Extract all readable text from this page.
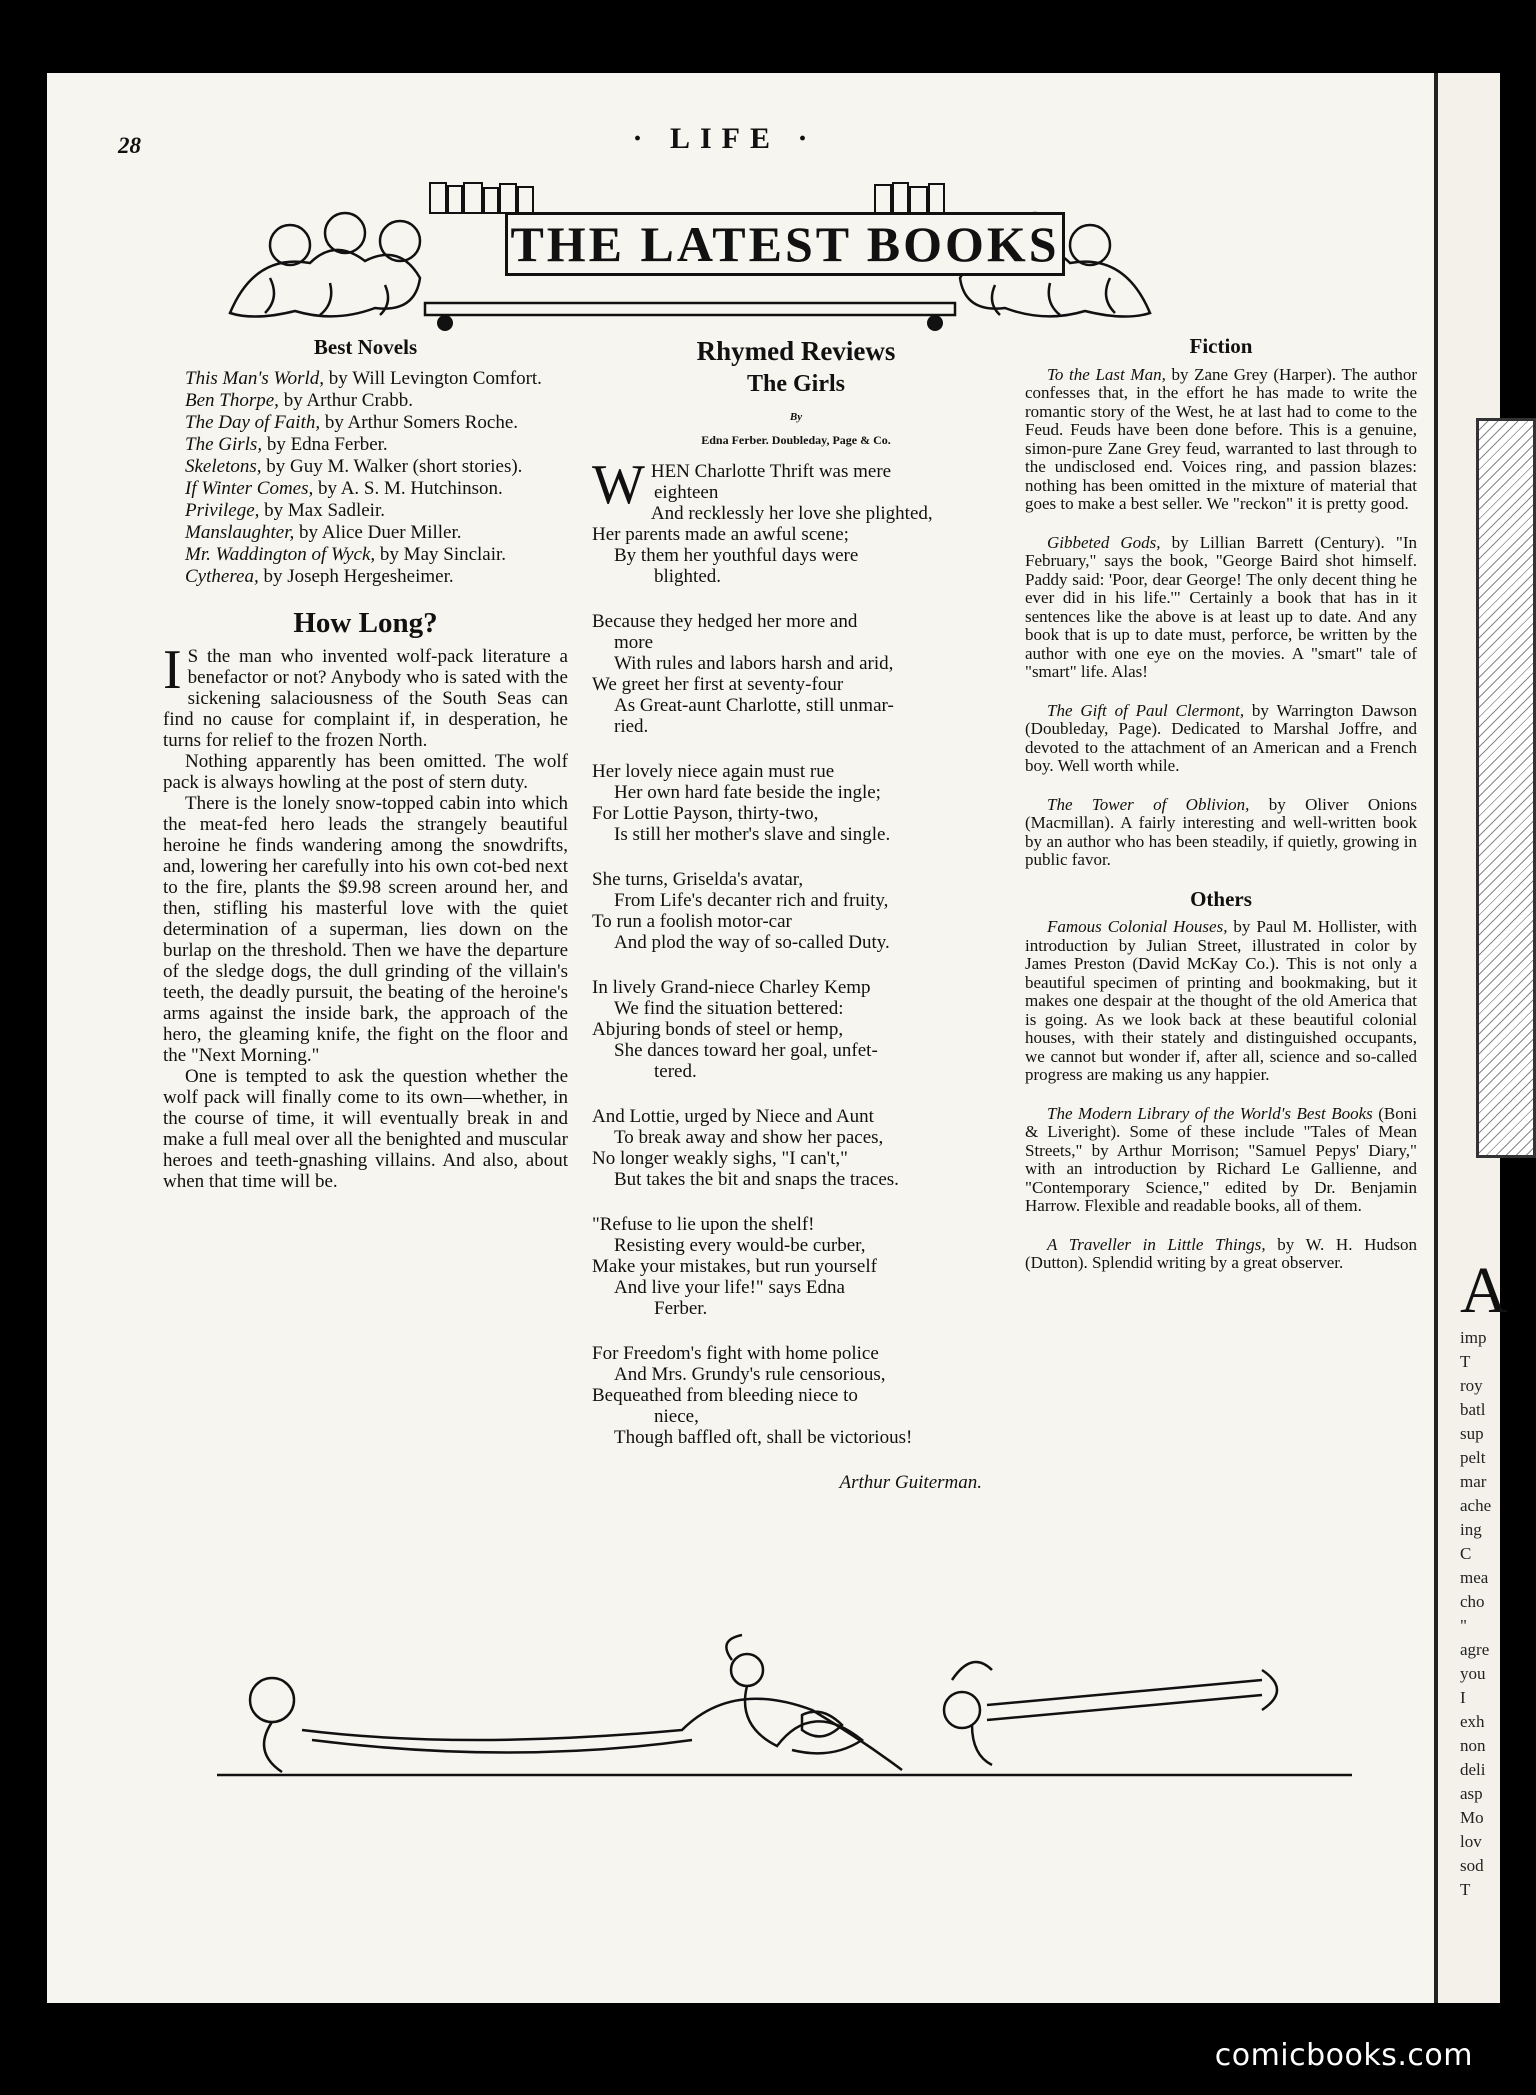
A
imp
T
roy
batl
sup
pelt
mar
ache
ing
C
mea
cho
"
agre
you
I
exh
non
deli
asp
Mo
lov
sod
T
28	· LIFE ·
THE LATEST BOOKS
Best Novels
This Man's World, by Will Levington Comfort.
Ben Thorpe, by Arthur Crabb.
The Day of Faith, by Arthur Somers Roche.
The Girls, by Edna Ferber.
Skeletons, by Guy M. Walker (short stories).
If Winter Comes, by A. S. M. Hutchinson.
Privilege, by Max Sadleir.
Manslaughter, by Alice Duer Miller.
Mr. Waddington of Wyck, by May Sinclair.
Cytherea, by Joseph Hergesheimer.
How Long?
I S the man who invented wolf-pack literature a benefactor or not? Anybody who is sated with the sickening salaciousness of the South Seas can find no cause for complaint if, in desperation, he turns for relief to the frozen North.
Nothing apparently has been omitted. The wolf pack is always howling at the post of stern duty.
There is the lonely snow-topped cabin into which the meat-fed hero leads the strangely beautiful heroine he finds wandering among the snowdrifts, and, lowering her carefully into his own cot-bed next to the fire, plants the $9.98 screen around her, and then, stifling his masterful love with the quiet determination of a superman, lies down on the burlap on the threshold. Then we have the departure of the sledge dogs, the dull grinding of the villain's teeth, the deadly pursuit, the beating of the heroine's arms against the inside bark, the approach of the hero, the gleaming knife, the fight on the floor and the "Next Morning."
One is tempted to ask the question whether the wolf pack will finally come to its own—whether, in the course of time, it will eventually break in and make a full meal over all the benighted and muscular heroes and teeth-gnashing villains. And also, about when that time will be.
Rhymed Reviews
The Girls
By
Edna Ferber. Doubleday, Page & Co.
WHEN Charlotte Thrift was mere
eighteen
And recklessly her love she plighted,
Her parents made an awful scene;
By them her youthful days were
blighted.
Because they hedged her more and
more
With rules and labors harsh and arid,
We greet her first at seventy-four
As Great-aunt Charlotte, still unmar-
ried.
Her lovely niece again must rue
Her own hard fate beside the ingle;
For Lottie Payson, thirty-two,
Is still her mother's slave and single.
She turns, Griselda's avatar,
From Life's decanter rich and fruity,
To run a foolish motor-car
And plod the way of so-called Duty.
In lively Grand-niece Charley Kemp
We find the situation bettered:
Abjuring bonds of steel or hemp,
She dances toward her goal, unfet-
tered.
And Lottie, urged by Niece and Aunt
To break away and show her paces,
No longer weakly sighs, "I can't,"
But takes the bit and snaps the traces.
"Refuse to lie upon the shelf!
Resisting every would-be curber,
Make your mistakes, but run yourself
And live your life!" says Edna
Ferber.
For Freedom's fight with home police
And Mrs. Grundy's rule censorious,
Bequeathed from bleeding niece to
niece,
Though baffled oft, shall be victorious!
Arthur Guiterman.
Fiction
To the Last Man, by Zane Grey (Harper). The author confesses that, in the effort he has made to write the romantic story of the West, he at last had to come to the Feud. Feuds have been done before. This is a genuine, simon-pure Zane Grey feud, warranted to last through to the undisclosed end. Voices ring, and passion blazes: nothing has been omitted in the mixture of material that goes to make a best seller. We "reckon" it is pretty good.
Gibbeted Gods, by Lillian Barrett (Century). "In February," says the book, "George Baird shot himself. Paddy said: 'Poor, dear George! The only decent thing he ever did in his life.'" Certainly a book that has in it sentences like the above is at least up to date. And any book that is up to date must, perforce, be written by the author with one eye on the movies. A "smart" tale of "smart" life. Alas!
The Gift of Paul Clermont, by Warrington Dawson (Doubleday, Page). Dedicated to Marshal Joffre, and devoted to the attachment of an American and a French boy. Well worth while.
The Tower of Oblivion, by Oliver Onions (Macmillan). A fairly interesting and well-written book by an author who has been steadily, if quietly, growing in public favor.
Others
Famous Colonial Houses, by Paul M. Hollister, with introduction by Julian Street, illustrated in color by James Preston (David McKay Co.). This is not only a beautiful specimen of printing and bookmaking, but it makes one despair at the thought of the old America that is going. As we look back at these beautiful colonial houses, with their stately and distinguished occupants, we cannot but wonder if, after all, science and so-called progress are making us any happier.
The Modern Library of the World's Best Books (Boni & Liveright). Some of these include "Tales of Mean Streets," by Arthur Morrison; "Samuel Pepys' Diary," with an introduction by Richard Le Gallienne, and "Contemporary Science," edited by Dr. Benjamin Harrow. Flexible and readable books, all of them.
A Traveller in Little Things, by W. H. Hudson (Dutton). Splendid writing by a great observer.
comicbooks.com
